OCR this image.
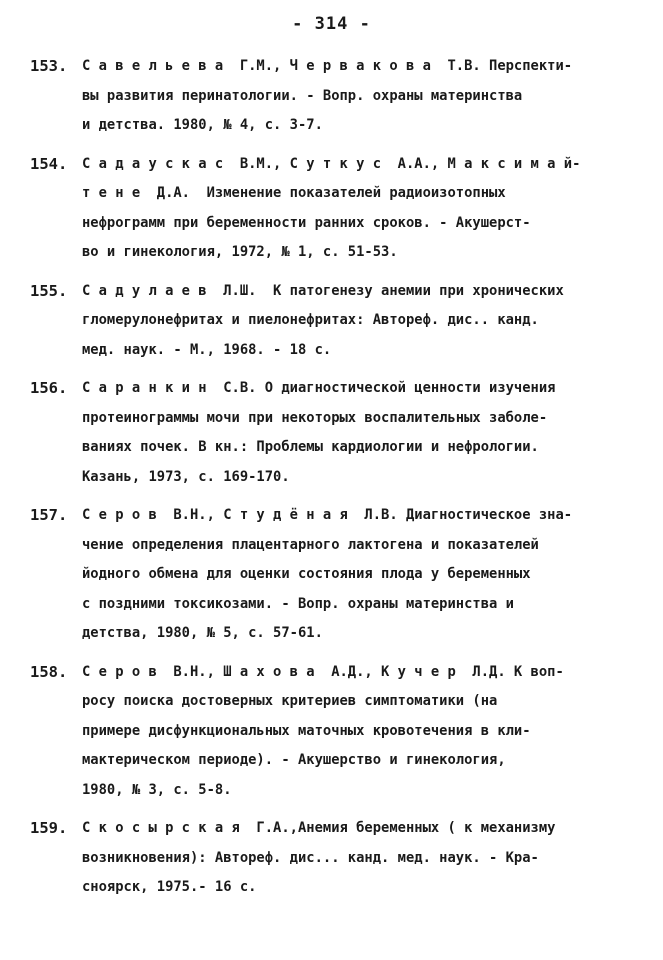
- 314 -
153. С а в е л ь е в а  Г.М., Ч е р в а к о в а  Т.В. Перспекти-
вы развития перинатологии. - Вопр. охраны материнства
и детства. 1980, № 4, с. 3-7.
154. С а д а у с к а с  В.М., С у т к у с  А.А., М а к с и м а й-
т е н е  Д.А.  Изменение показателей радиоизотопных
нефрограмм при беременности ранних сроков. - Акушерст-
во и гинекология, 1972, № 1, с. 51-53.
155. С а д у л а е в  Л.Ш.  К патогенезу анемии при хронических
гломерулонефритах и пиелонефритах: Автореф. дис.. канд.
мед. наук. - М., 1968. - 18 с.
156. С а р а н к и н  С.В. О диагностической ценности изучения
протеинограммы мочи при некоторых воспалительных заболе-
ваниях почек. В кн.: Проблемы кардиологии и нефрологии.
Казань, 1973, с. 169-170.
157. С е р о в  В.Н., С т у д ё н а я  Л.В. Диагностическое зна-
чение определения плацентарного лактогена и показателей
йодного обмена для оценки состояния плода у беременных
с поздними токсикозами. - Вопр. охраны материнства и
детства, 1980, № 5, с. 57-61.
158. С е р о в  В.Н., Ш а х о в а  А.Д., К у ч е р  Л.Д. К воп-
росу поиска достоверных критериев симптоматики (на
примере дисфункциональных маточных кровотечения в кли-
мактерическом периоде). - Акушерство и гинекология,
1980, № 3, с. 5-8.
159. С к о с ы р с к а я  Г.А.,Анемия беременных ( к механизму
возникновения): Автореф. дис... канд. мед. наук. - Кра-
сноярск, 1975.- 16 с.
